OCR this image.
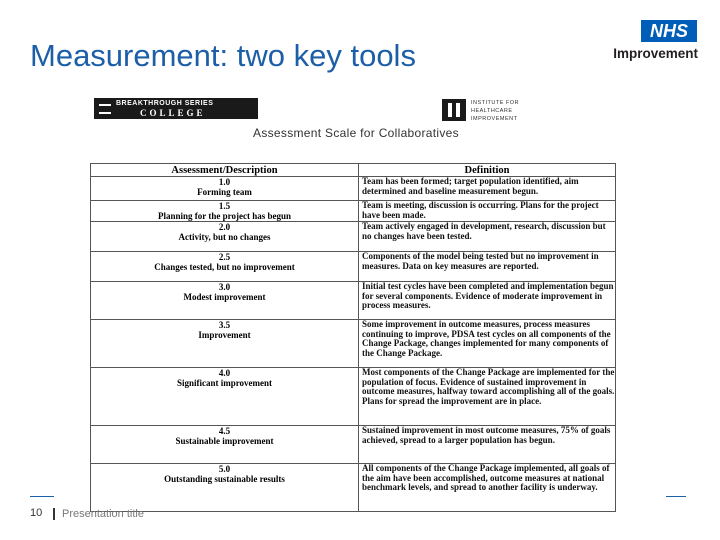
Measurement: two key tools
NHS
Improvement
BREAKTHROUGH SERIES
COLLEGE
INSTITUTE FOR HEALTHCARE IMPROVEMENT
Assessment Scale for Collaboratives
Assessment/Description	Definition

1.0
Forming team	Team has been formed; target population identified, aim determined and baseline measurement begun.

1.5
Planning for the project has begun	Team is meeting, discussion is occurring. Plans for the project have been made.

2.0
Activity, but no changes	Team actively engaged in development, research, discussion but no changes have been tested.

2.5
Changes tested, but no improvement	Components of the model being tested but no improvement in measures. Data on key measures are reported.

3.0
Modest improvement	Initial test cycles have been completed and implementation begun for several components. Evidence of moderate improvement in process measures.

3.5
Improvement	Some improvement in outcome measures, process measures continuing to improve, PDSA test cycles on all components of the Change Package, changes implemented for many components of the Change Package.

4.0
Significant improvement	Most components of the Change Package are implemented for the population of focus. Evidence of sustained improvement in outcome measures, halfway toward accomplishing all of the goals. Plans for spread the improvement are in place.

4.5
Sustainable improvement	Sustained improvement in most outcome measures, 75% of goals achieved, spread to a larger population has begun.

5.0
Outstanding sustainable results	All components of the Change Package implemented, all goals of the aim have been accomplished, outcome measures at national benchmark levels, and spread to another facility is underway.
10 Presentation title
